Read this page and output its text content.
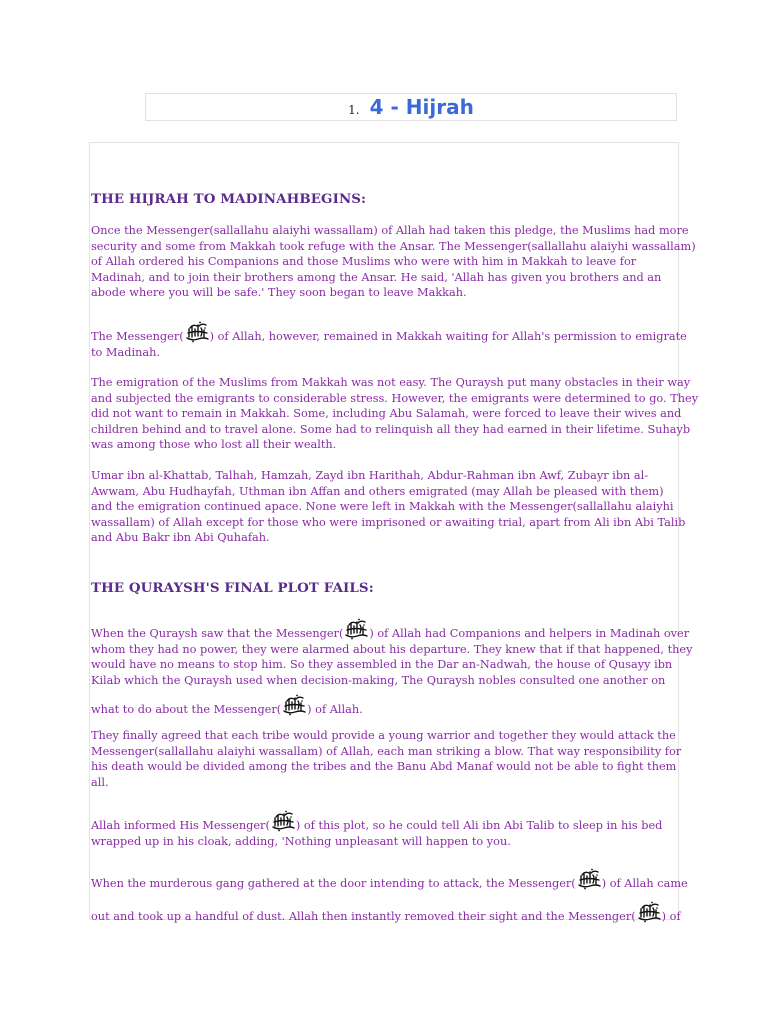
1. 4 - Hijrah
THE HIJRAH TO MADINAHBEGINS:
Once the Messenger(sallallahu alaiyhi wassallam) of Allah had taken this pledge, the Muslims had more
security and some from Makkah took refuge with the Ansar. The Messenger(sallallahu alaiyhi wassallam)
of Allah ordered his Companions and those Muslims who were with him in Makkah to leave for
Madinah, and to join their brothers among the Ansar. He said, 'Allah has given you brothers and an
abode where you will be safe.' They soon began to leave Makkah.
The Messenger( ) of Allah, however, remained in Makkah waiting for Allah's permission to emigrate
to Madinah.
The emigration of the Muslims from Makkah was not easy. The Quraysh put many obstacles in their way
and subjected the emigrants to considerable stress. However, the emigrants were determined to go. They
did not want to remain in Makkah. Some, including Abu Salamah, were forced to leave their wives and
children behind and to travel alone. Some had to relinquish all they had earned in their lifetime. Suhayb
was among those who lost all their wealth.
Umar ibn al-Khattab, Talhah, Hamzah, Zayd ibn Harithah, Abdur-Rahman ibn Awf, Zubayr ibn al-
Awwam, Abu Hudhayfah, Uthman ibn Affan and others emigrated (may Allah be pleased with them)
and the emigration continued apace. None were left in Makkah with the Messenger(sallallahu alaiyhi
wassallam) of Allah except for those who were imprisoned or awaiting trial, apart from Ali ibn Abi Talib
and Abu Bakr ibn Abi Quhafah.
THE QURAYSH'S FINAL PLOT FAILS:
When the Quraysh saw that the Messenger( ) of Allah had Companions and helpers in Madinah over
whom they had no power, they were alarmed about his departure. They knew that if that happened, they
would have no means to stop him. So they assembled in the Dar an-Nadwah, the house of Qusayy ibn
Kilab which the Quraysh used when decision-making, The Quraysh nobles consulted one another on
what to do about the Messenger( ) of Allah.
They finally agreed that each tribe would provide a young warrior and together they would attack the
Messenger(sallallahu alaiyhi wassallam) of Allah, each man striking a blow. That way responsibility for
his death would be divided among the tribes and the Banu Abd Manaf would not be able to fight them
all.
Allah informed His Messenger( ) of this plot, so he could tell Ali ibn Abi Talib to sleep in his bed
wrapped up in his cloak, adding, 'Nothing unpleasant will happen to you.
When the murderous gang gathered at the door intending to attack, the Messenger( ) of Allah came
out and took up a handful of dust. Allah then instantly removed their sight and the Messenger( ) of
